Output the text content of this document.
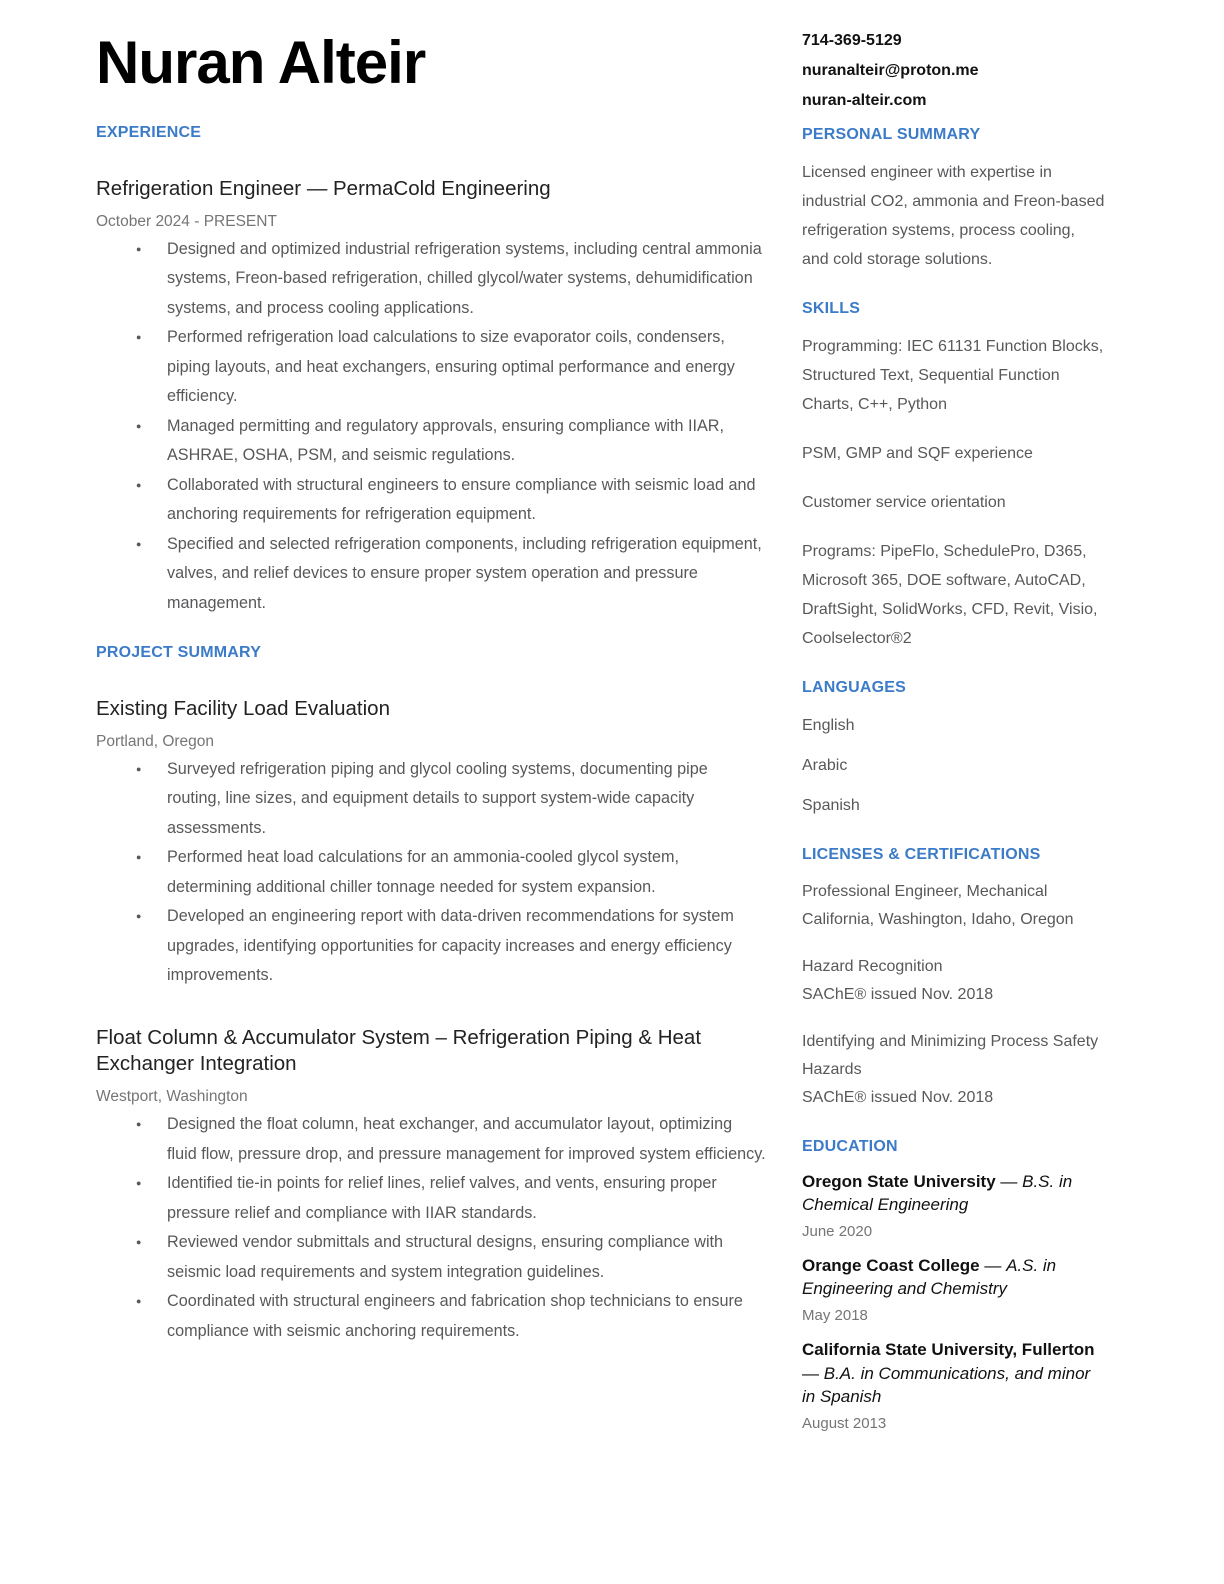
Nuran Alteir
EXPERIENCE
Refrigeration Engineer — PermaCold Engineering

October 2024 - PRESENT

● Designed and optimized industrial refrigeration systems, including central ammonia systems, Freon-based refrigeration, chilled glycol/water systems, dehumidification systems, and process cooling applications.
● Performed refrigeration load calculations to size evaporator coils, condensers, piping layouts, and heat exchangers, ensuring optimal performance and energy efficiency.
● Managed permitting and regulatory approvals, ensuring compliance with IIAR, ASHRAE, OSHA, PSM, and seismic regulations.
● Collaborated with structural engineers to ensure compliance with seismic load and anchoring requirements for refrigeration equipment.
● Specified and selected refrigeration components, including refrigeration equipment, valves, and relief devices to ensure proper system operation and pressure management.
PROJECT SUMMARY
Existing Facility Load Evaluation

Portland, Oregon

● Surveyed refrigeration piping and glycol cooling systems, documenting pipe routing, line sizes, and equipment details to support system-wide capacity assessments.
● Performed heat load calculations for an ammonia-cooled glycol system, determining additional chiller tonnage needed for system expansion.
● Developed an engineering report with data-driven recommendations for system upgrades, identifying opportunities for capacity increases and energy efficiency improvements.
Float Column & Accumulator System – Refrigeration Piping & Heat Exchanger Integration

Westport, Washington

● Designed the float column, heat exchanger, and accumulator layout, optimizing fluid flow, pressure drop, and pressure management for improved system efficiency.
● Identified tie-in points for relief lines, relief valves, and vents, ensuring proper pressure relief and compliance with IIAR standards.
● Reviewed vendor submittals and structural designs, ensuring compliance with seismic load requirements and system integration guidelines.
● Coordinated with structural engineers and fabrication shop technicians to ensure compliance with seismic anchoring requirements.

714-369-5129

nuranalteir@proton.me

nuran-alteir.com

PERSONAL SUMMARY

Licensed engineer with expertise in industrial CO2, ammonia and Freon-based refrigeration systems, process cooling, and cold storage solutions.

SKILLS

Programming: IEC 61131 Function Blocks, Structured Text, Sequential Function Charts, C++, Python

PSM, GMP and SQF experience

Customer service orientation

Programs: PipeFlo, SchedulePro, D365, Microsoft 365, DOE software, AutoCAD, DraftSight, SolidWorks, CFD, Revit, Visio, Coolselector®2

LANGUAGES

English

Arabic

Spanish

LICENSES & CERTIFICATIONS

Professional Engineer, Mechanical

California, Washington, Idaho, Oregon

Hazard Recognition

SAChE® issued Nov. 2018

Identifying and Minimizing Process Safety Hazards

SAChE® issued Nov. 2018

EDUCATION

Oregon State University — B.S. in Chemical Engineering

June 2020

Orange Coast College — A.S. in Engineering and Chemistry

May 2018

California State University, Fullerton — B.A. in Communications, and minor in Spanish

August 2013
